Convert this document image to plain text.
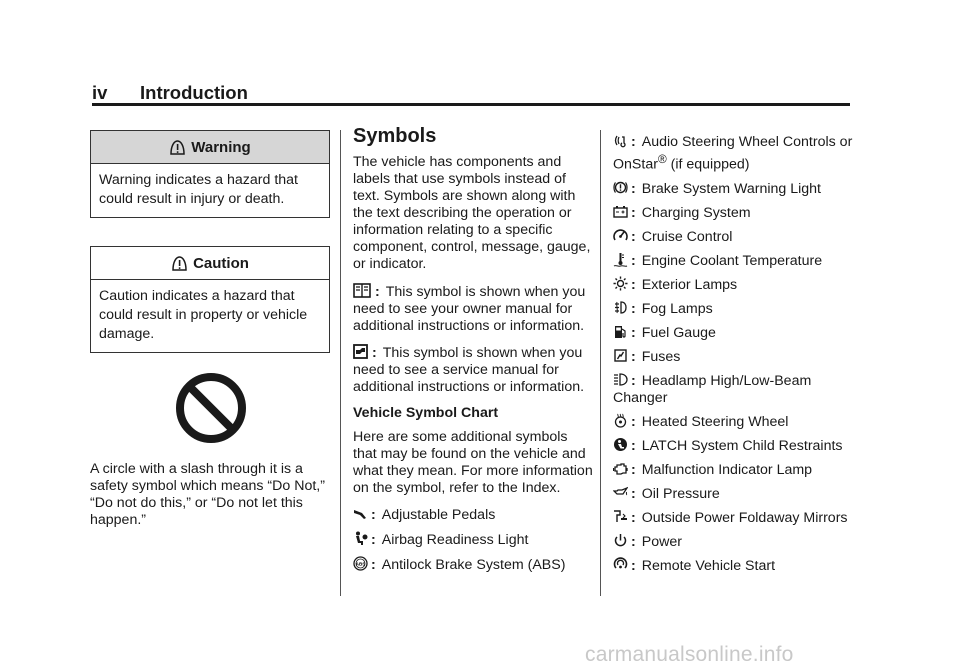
iv Introduction
Warning
Warning indicates a hazard that could result in injury or death.
Caution
Caution indicates a hazard that could result in property or vehicle damage.
A circle with a slash through it is a safety symbol which means “Do Not,” “Do not do this,” or “Do not let this happen.”
Symbols

The vehicle has components and labels that use symbols instead of text. Symbols are shown along with the text describing the operation or information relating to a specific component, control, message, gauge, or indicator.

: This symbol is shown when you need to see your owner manual for additional instructions or information.

: This symbol is shown when you need to see a service manual for additional instructions or information.

Vehicle Symbol Chart

Here are some additional symbols that may be found on the vehicle and what they mean. For more information on the symbol, refer to the Index.

: Adjustable Pedals
: Airbag Readiness Light
ABS : Antilock Brake System (ABS)
: Audio Steering Wheel Controls or OnStar® (if equipped)
: Brake System Warning Light
: Charging System
: Cruise Control
: Engine Coolant Temperature
: Exterior Lamps
: Fog Lamps
: Fuel Gauge
: Fuses
: Headlamp High/Low-Beam Changer
: Heated Steering Wheel
: LATCH System Child Restraints
: Malfunction Indicator Lamp
: Oil Pressure
: Outside Power Foldaway Mirrors
: Power
: Remote Vehicle Start
carmanualsonline.info
